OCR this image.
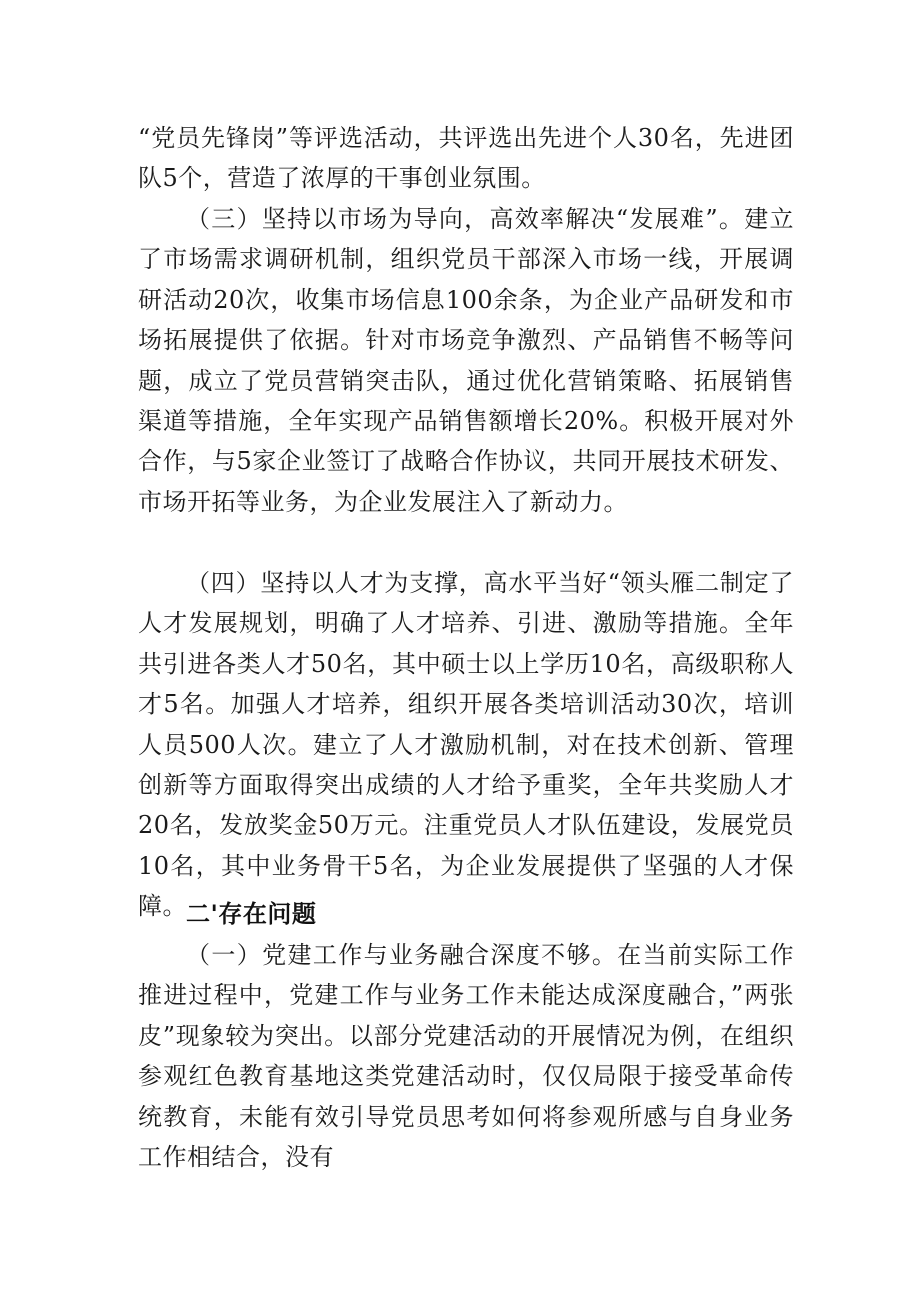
“党员先锋岗”等评选活动，共评选出先进个人30名，先进团队5个，营造了浓厚的干事创业氛围。

（三）坚持以市场为导向，高效率解决“发展难”。建立了市场需求调研机制，组织党员干部深入市场一线，开展调研活动20次，收集市场信息100余条，为企业产品研发和市场拓展提供了依据。针对市场竞争激烈、产品销售不畅等问题，成立了党员营销突击队，通过优化营销策略、拓展销售渠道等措施，全年实现产品销售额增长20%。积极开展对外合作，与5家企业签订了战略合作协议，共同开展技术研发、市场开拓等业务，为企业发展注入了新动力。

（四）坚持以人才为支撑，高水平当好“领头雁二制定了人才发展规划，明确了人才培养、引进、激励等措施。全年共引进各类人才50名，其中硕士以上学历10名，高级职称人才5名。加强人才培养，组织开展各类培训活动30次，培训人员500人次。建立了人才激励机制，对在技术创新、管理创新等方面取得突出成绩的人才给予重奖，全年共奖励人才20名，发放奖金50万元。注重党员人才队伍建设，发展党员10名，其中业务骨干5名，为企业发展提供了坚强的人才保障。 二'存在问题

（一）党建工作与业务融合深度不够。在当前实际工作推进过程中，党建工作与业务工作未能达成深度融合，”两张皮”现象较为突出。以部分党建活动的开展情况为例，在组织参观红色教育基地这类党建活动时，仅仅局限于接受革命传统教育，未能有效引导党员思考如何将参观所感与自身业务工作相结合，没有
